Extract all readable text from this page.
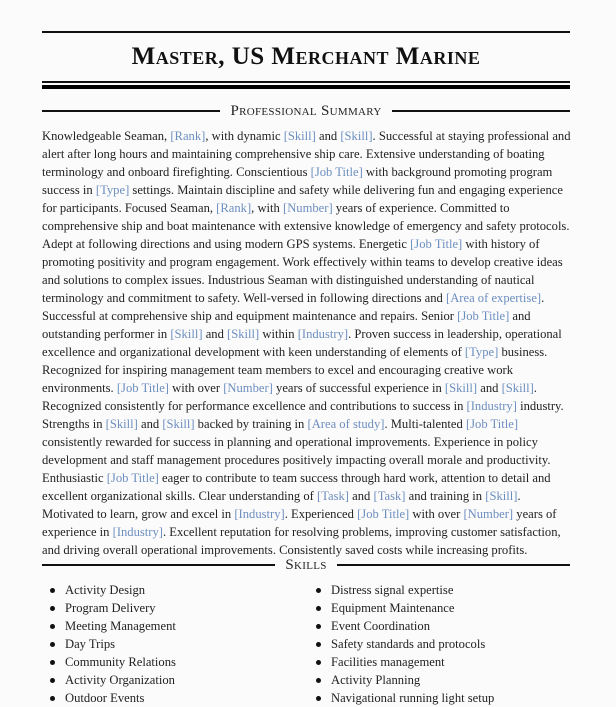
Master, US Merchant Marine
Professional Summary

Knowledgeable Seaman, [Rank], with dynamic [Skill] and [Skill]. Successful at staying professional and alert after long hours and maintaining comprehensive ship care. Extensive understanding of boating terminology and onboard firefighting. Conscientious [Job Title] with background promoting program success in [Type] settings. Maintain discipline and safety while delivering fun and engaging experience for participants. Focused Seaman, [Rank], with [Number] years of experience. Committed to comprehensive ship and boat maintenance with extensive knowledge of emergency and safety protocols. Adept at following directions and using modern GPS systems. Energetic [Job Title] with history of promoting positivity and program engagement. Work effectively within teams to develop creative ideas and solutions to complex issues. Industrious Seaman with distinguished understanding of nautical terminology and commitment to safety. Well-versed in following directions and [Area of expertise]. Successful at comprehensive ship and equipment maintenance and repairs. Senior [Job Title] and outstanding performer in [Skill] and [Skill] within [Industry]. Proven success in leadership, operational excellence and organizational development with keen understanding of elements of [Type] business. Recognized for inspiring management team members to excel and encouraging creative work environments. [Job Title] with over [Number] years of successful experience in [Skill] and [Skill]. Recognized consistently for performance excellence and contributions to success in [Industry] industry. Strengths in [Skill] and [Skill] backed by training in [Area of study]. Multi-talented [Job Title] consistently rewarded for success in planning and operational improvements. Experience in policy development and staff management procedures positively impacting overall morale and productivity. Enthusiastic [Job Title] eager to contribute to team success through hard work, attention to detail and excellent organizational skills. Clear understanding of [Task] and [Task] and training in [Skill]. Motivated to learn, grow and excel in [Industry]. Experienced [Job Title] with over [Number] years of experience in [Industry]. Excellent reputation for resolving problems, improving customer satisfaction, and driving overall operational improvements. Consistently saved costs while increasing profits.

Skills
Activity Design
Program Delivery
Meeting Management
Day Trips
Community Relations
Activity Organization
Outdoor Events
Distress signal expertise
Equipment Maintenance
Event Coordination
Safety standards and protocols
Facilities management
Activity Planning
Navigational running light setup
